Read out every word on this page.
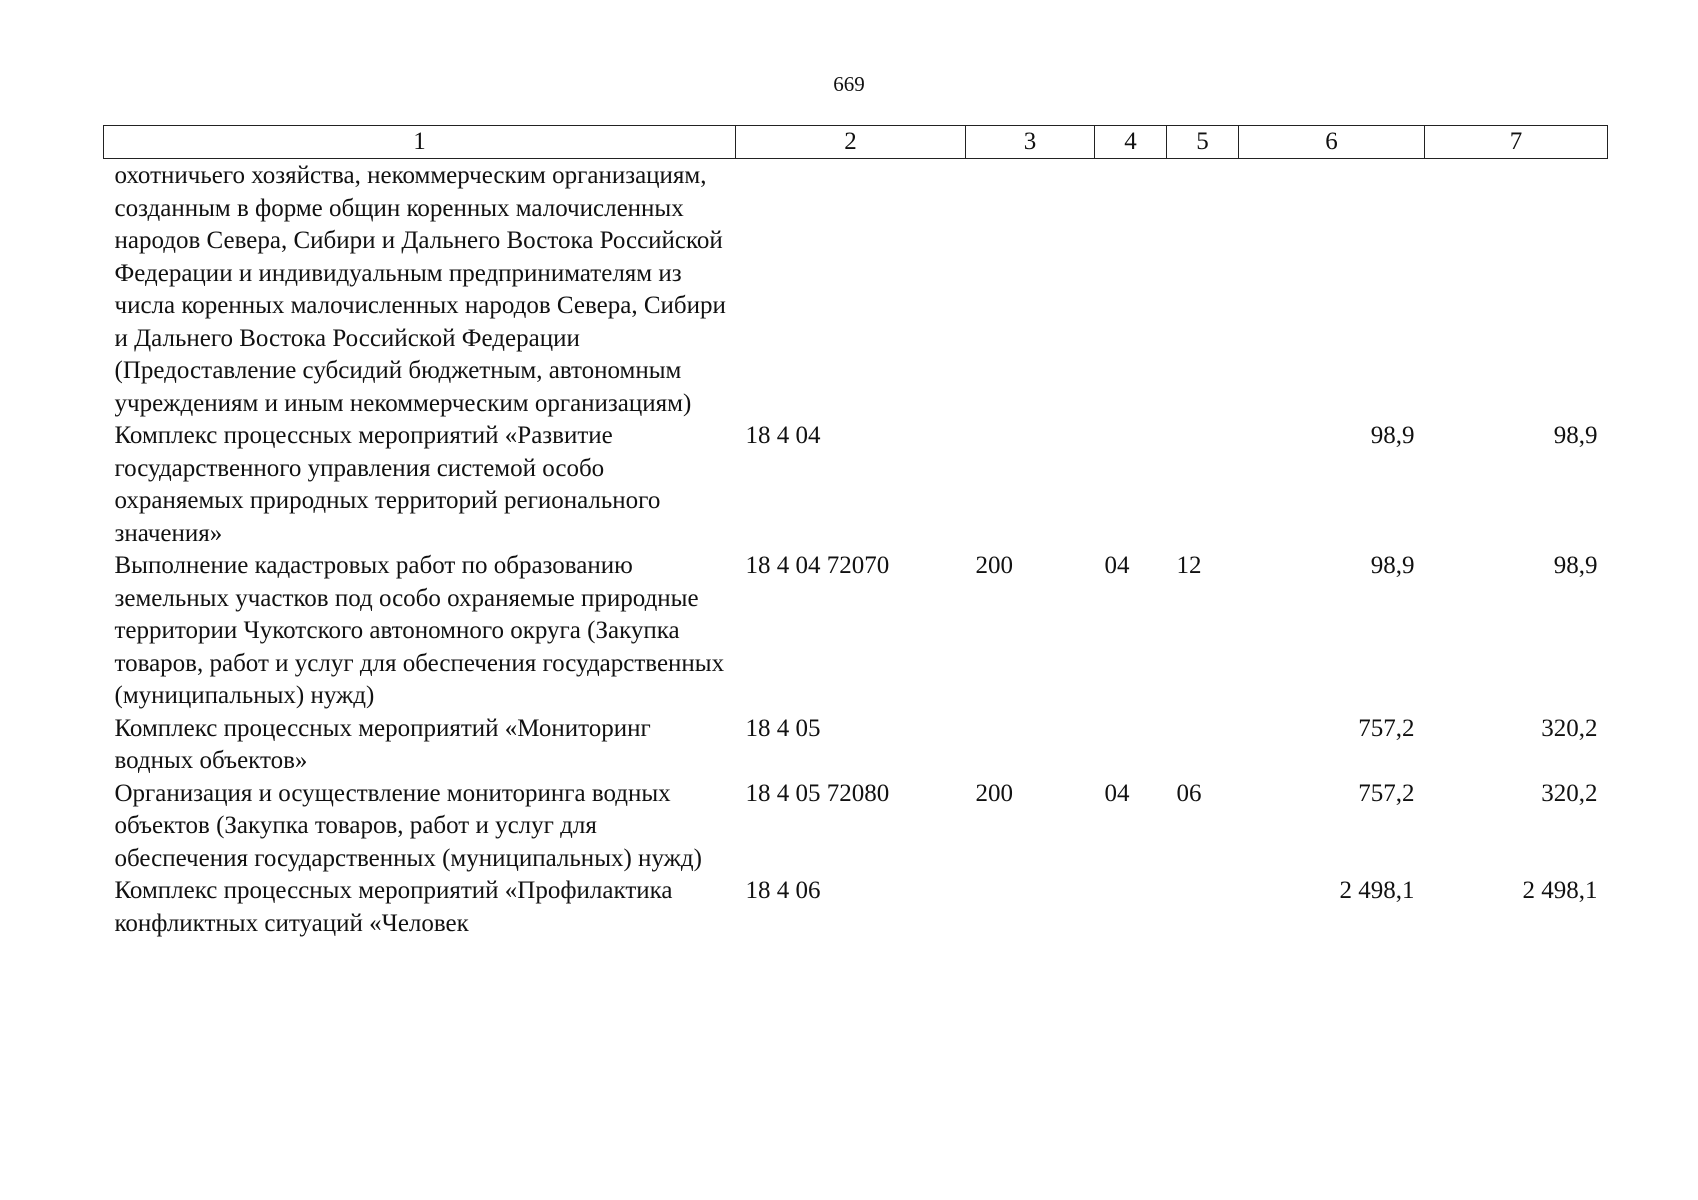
669
1	2	3	4	5	6	7
охотничьего хозяйства, некоммерческим организациям, созданным в форме общин коренных малочисленных народов Севера, Сибири и Дальнего Востока Российской Федерации и индивидуальным предпринимателям из числа коренных малочисленных народов Севера, Сибири и Дальнего Востока Российской Федерации (Предоставление субсидий бюджетным, автономным учреждениям и иным некоммерческим организациям)						
Комплекс процессных мероприятий «Развитие государственного управления системой особо охраняемых природных территорий регионального значения»	18 4 04				98,9	98,9
Выполнение кадастровых работ по образованию земельных участков под особо охраняемые природные территории Чукотского автономного округа (Закупка товаров, работ и услуг для обеспечения государственных (муниципальных) нужд)	18 4 04 72070	200	04	12	98,9	98,9
Комплекс процессных мероприятий «Мониторинг водных объектов»	18 4 05				757,2	320,2
Организация и осуществление мониторинга водных объектов (Закупка товаров, работ и услуг для обеспечения государственных (муниципальных) нужд)	18 4 05 72080	200	04	06	757,2	320,2
Комплекс процессных мероприятий «Профилактика конфликтных ситуаций «Человек	18 4 06				2 498,1	2 498,1
